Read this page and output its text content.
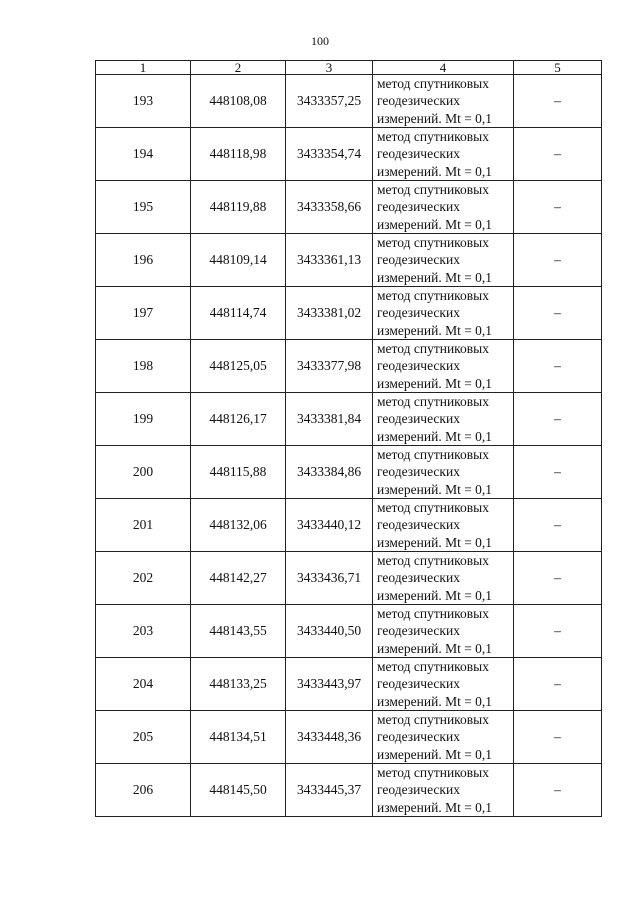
100
1	2	3	4	5
193	448108,08	3433357,25	метод спутниковых
геодезических
измерений. Mt = 0,1	–
194	448118,98	3433354,74	метод спутниковых
геодезических
измерений. Mt = 0,1	–
195	448119,88	3433358,66	метод спутниковых
геодезических
измерений. Mt = 0,1	–
196	448109,14	3433361,13	метод спутниковых
геодезических
измерений. Mt = 0,1	–
197	448114,74	3433381,02	метод спутниковых
геодезических
измерений. Mt = 0,1	–
198	448125,05	3433377,98	метод спутниковых
геодезических
измерений. Mt = 0,1	–
199	448126,17	3433381,84	метод спутниковых
геодезических
измерений. Mt = 0,1	–
200	448115,88	3433384,86	метод спутниковых
геодезических
измерений. Mt = 0,1	–
201	448132,06	3433440,12	метод спутниковых
геодезических
измерений. Mt = 0,1	–
202	448142,27	3433436,71	метод спутниковых
геодезических
измерений. Mt = 0,1	–
203	448143,55	3433440,50	метод спутниковых
геодезических
измерений. Mt = 0,1	–
204	448133,25	3433443,97	метод спутниковых
геодезических
измерений. Mt = 0,1	–
205	448134,51	3433448,36	метод спутниковых
геодезических
измерений. Mt = 0,1	–
206	448145,50	3433445,37	метод спутниковых
геодезических
измерений. Mt = 0,1	–
